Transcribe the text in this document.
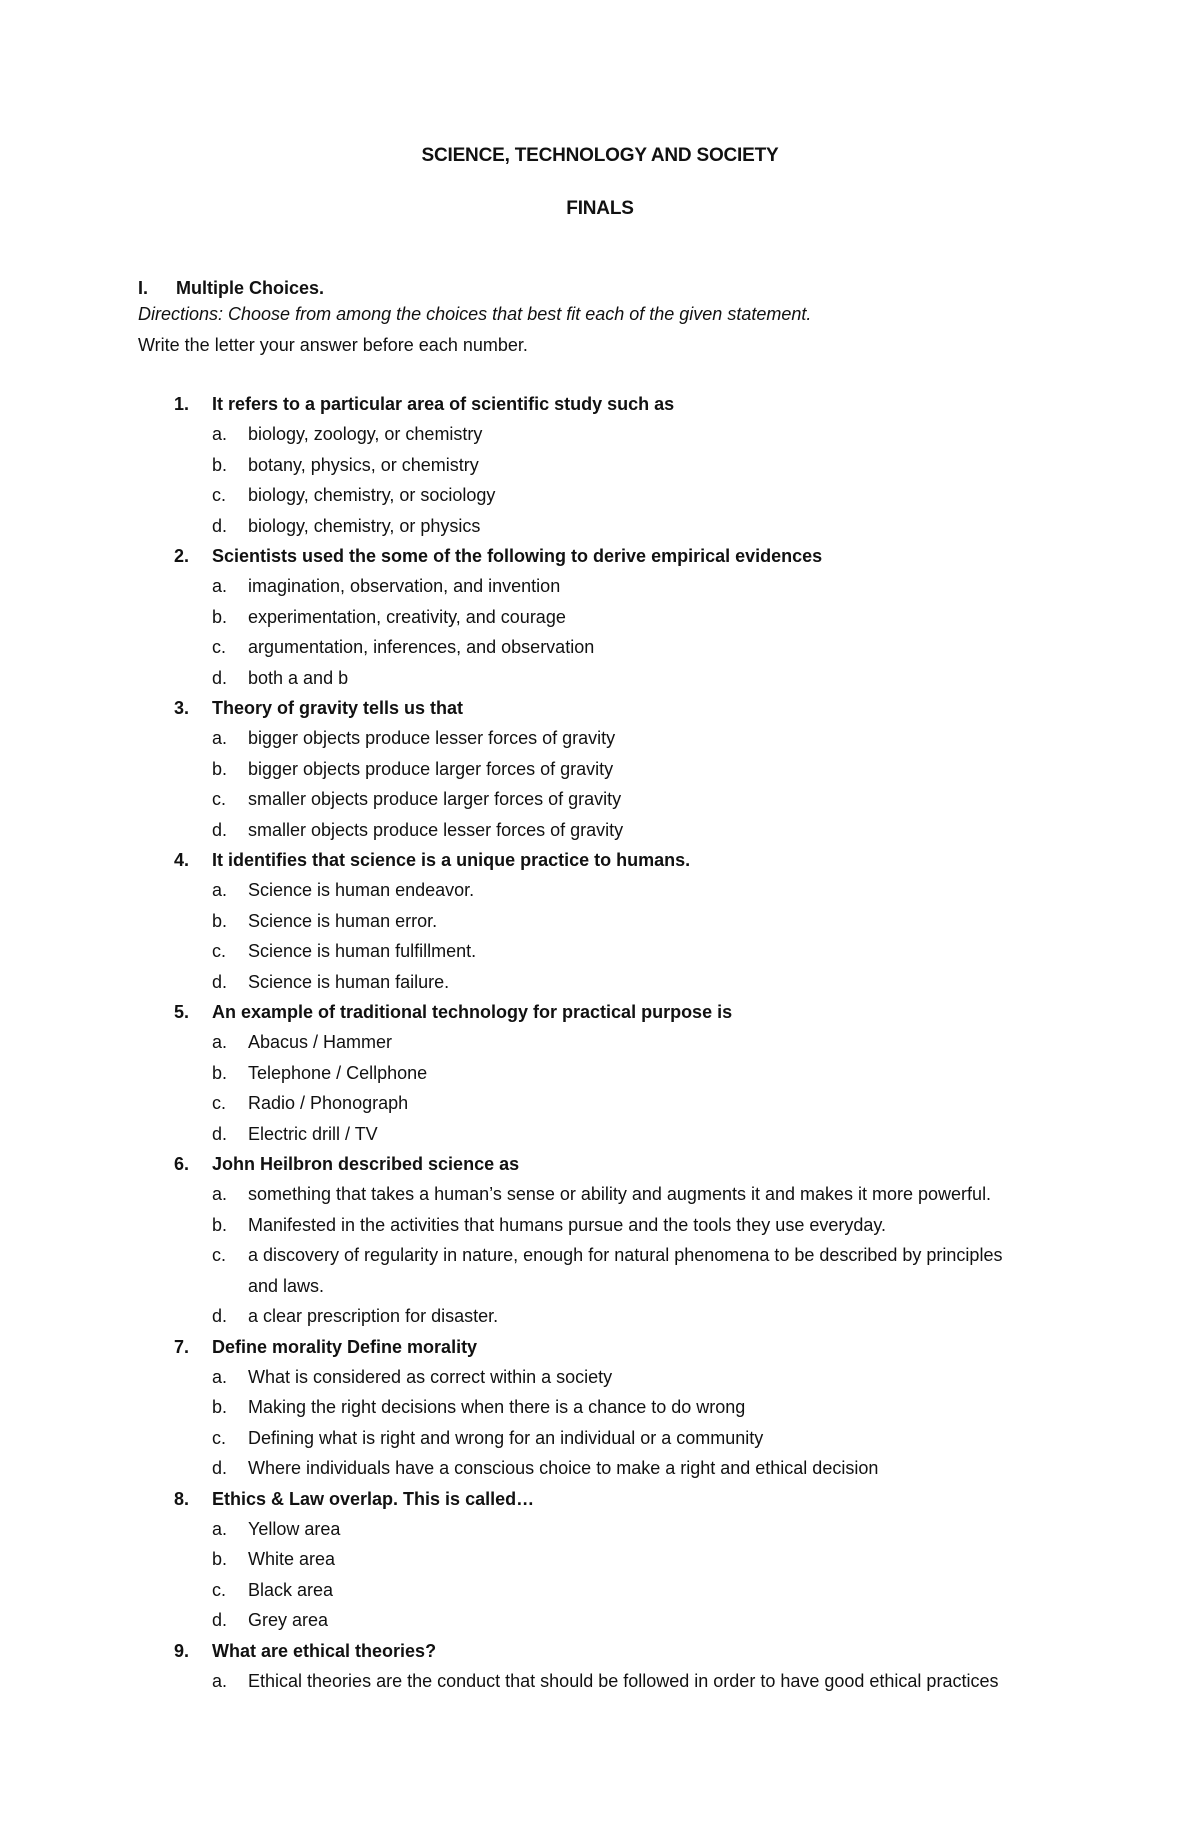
SCIENCE, TECHNOLOGY AND SOCIETY
FINALS
I. Multiple Choices.
Directions: Choose from among the choices that best fit each of the given statement.
Write the letter your answer before each number.
1.	It refers to a particular area of scientific study such as
a. biology, zoology, or chemistry
b. botany, physics, or chemistry
c. biology, chemistry, or sociology
d. biology, chemistry, or physics
2.	Scientists used the some of the following to derive empirical evidences
a. imagination, observation, and invention
b. experimentation, creativity, and courage
c. argumentation, inferences, and observation
d. both a and b
3.	Theory of gravity tells us that
a. bigger objects produce lesser forces of gravity
b. bigger objects produce larger forces of gravity
c. smaller objects produce larger forces of gravity
d. smaller objects produce lesser forces of gravity
4.	It identifies that science is a unique practice to humans.
a. Science is human endeavor.
b. Science is human error.
c. Science is human fulfillment.
d. Science is human failure.
5.	An example of traditional technology for practical purpose is
a. Abacus / Hammer
b. Telephone / Cellphone
c. Radio / Phonograph
d. Electric drill / TV
6.	John Heilbron described science as
a. something that takes a human’s sense or ability and augments it and makes it more powerful.
b. Manifested in the activities that humans pursue and the tools they use everyday.
c. a discovery of regularity in nature, enough for natural phenomena to be described by principles and laws.
d. a clear prescription for disaster.
7.	Define morality Define morality
a. What is considered as correct within a society
b. Making the right decisions when there is a chance to do wrong
c. Defining what is right and wrong for an individual or a community
d. Where individuals have a conscious choice to make a right and ethical decision
8.	Ethics & Law overlap. This is called…
a. Yellow area
b. White area
c. Black area
d. Grey area
9.	What are ethical theories?
a. Ethical theories are the conduct that should be followed in order to have good ethical practices
